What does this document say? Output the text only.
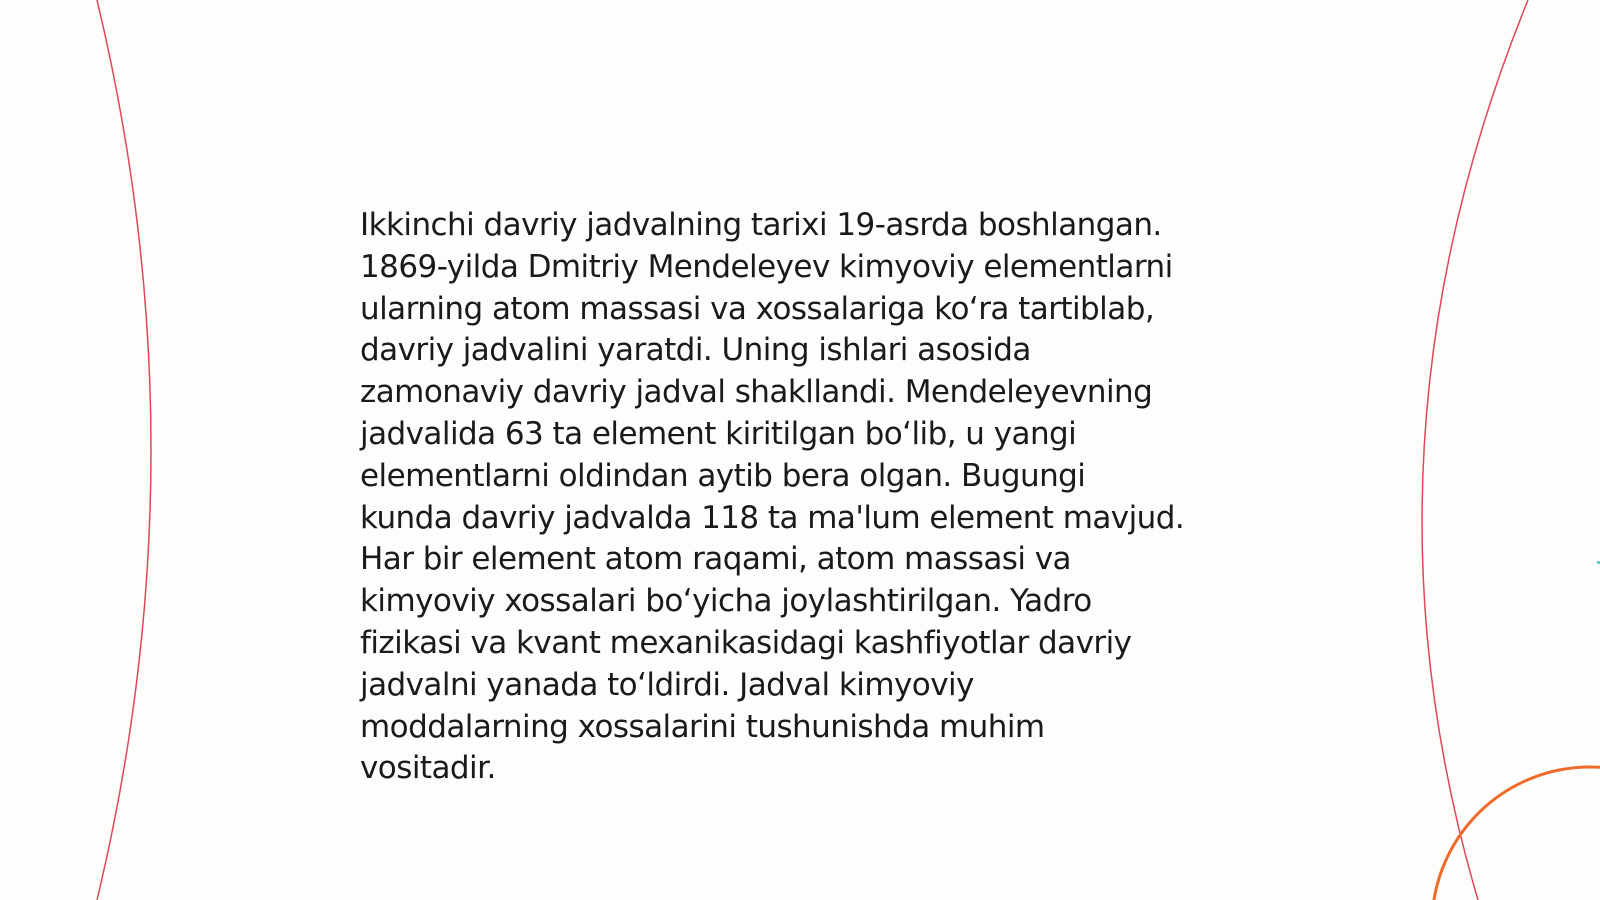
Ikkinchi davriy jadvalning tarixi 19-asrda boshlangan.
1869-yilda Dmitriy Mendeleyev kimyoviy elementlarni
ularning atom massasi va xossalariga ko‘ra tartiblab,
davriy jadvalini yaratdi. Uning ishlari asosida
zamonaviy davriy jadval shakllandi. Mendeleyevning
jadvalida 63 ta element kiritilgan bo‘lib, u yangi
elementlarni oldindan aytib bera olgan. Bugungi
kunda davriy jadvalda 118 ta ma'lum element mavjud.
Har bir element atom raqami, atom massasi va
kimyoviy xossalari bo‘yicha joylashtirilgan. Yadro
fizikasi va kvant mexanikasidagi kashfiyotlar davriy
jadvalni yanada to‘ldirdi. Jadval kimyoviy
moddalarning xossalarini tushunishda muhim
vositadir.
